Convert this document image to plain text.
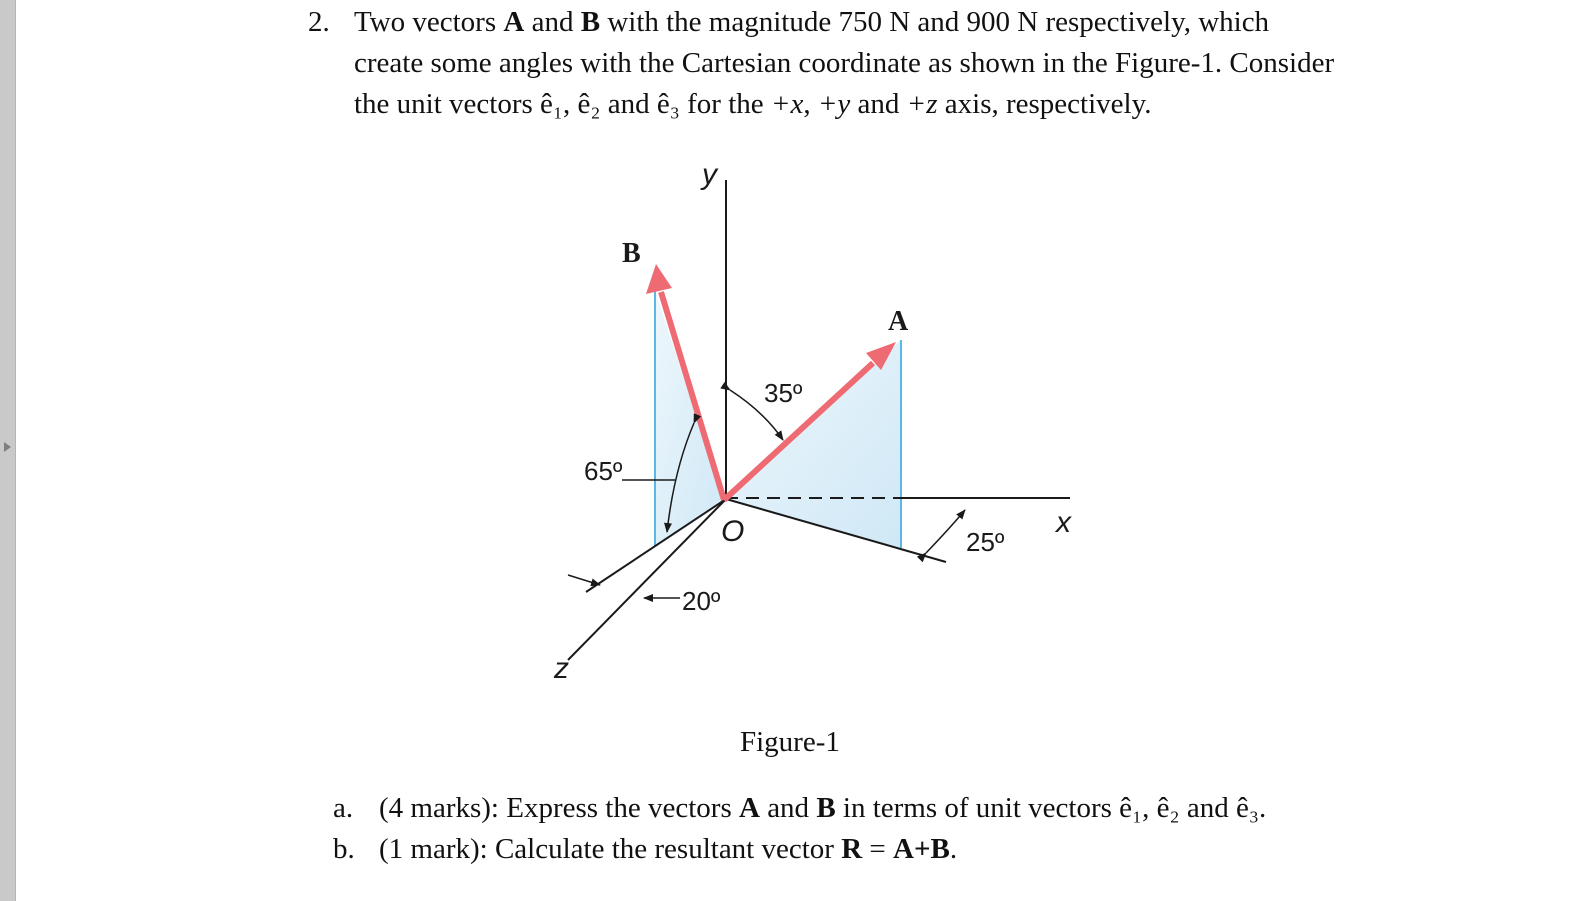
2. Two vectors A and B with the magnitude 750 N and 900 N respectively, which
create some angles with the Cartesian coordinate as shown in the Figure-1. Consider
the unit vectors ê₁, ê₂ and ê₃ for the +x, +y and +z axis, respectively.
y
x
z
O
B
A
35º
65º
25º
20º
Figure-1
a. (4 marks): Express the vectors A and B in terms of unit vectors ê₁, ê₂ and ê₃.
b. (1 mark): Calculate the resultant vector R = A+B.
